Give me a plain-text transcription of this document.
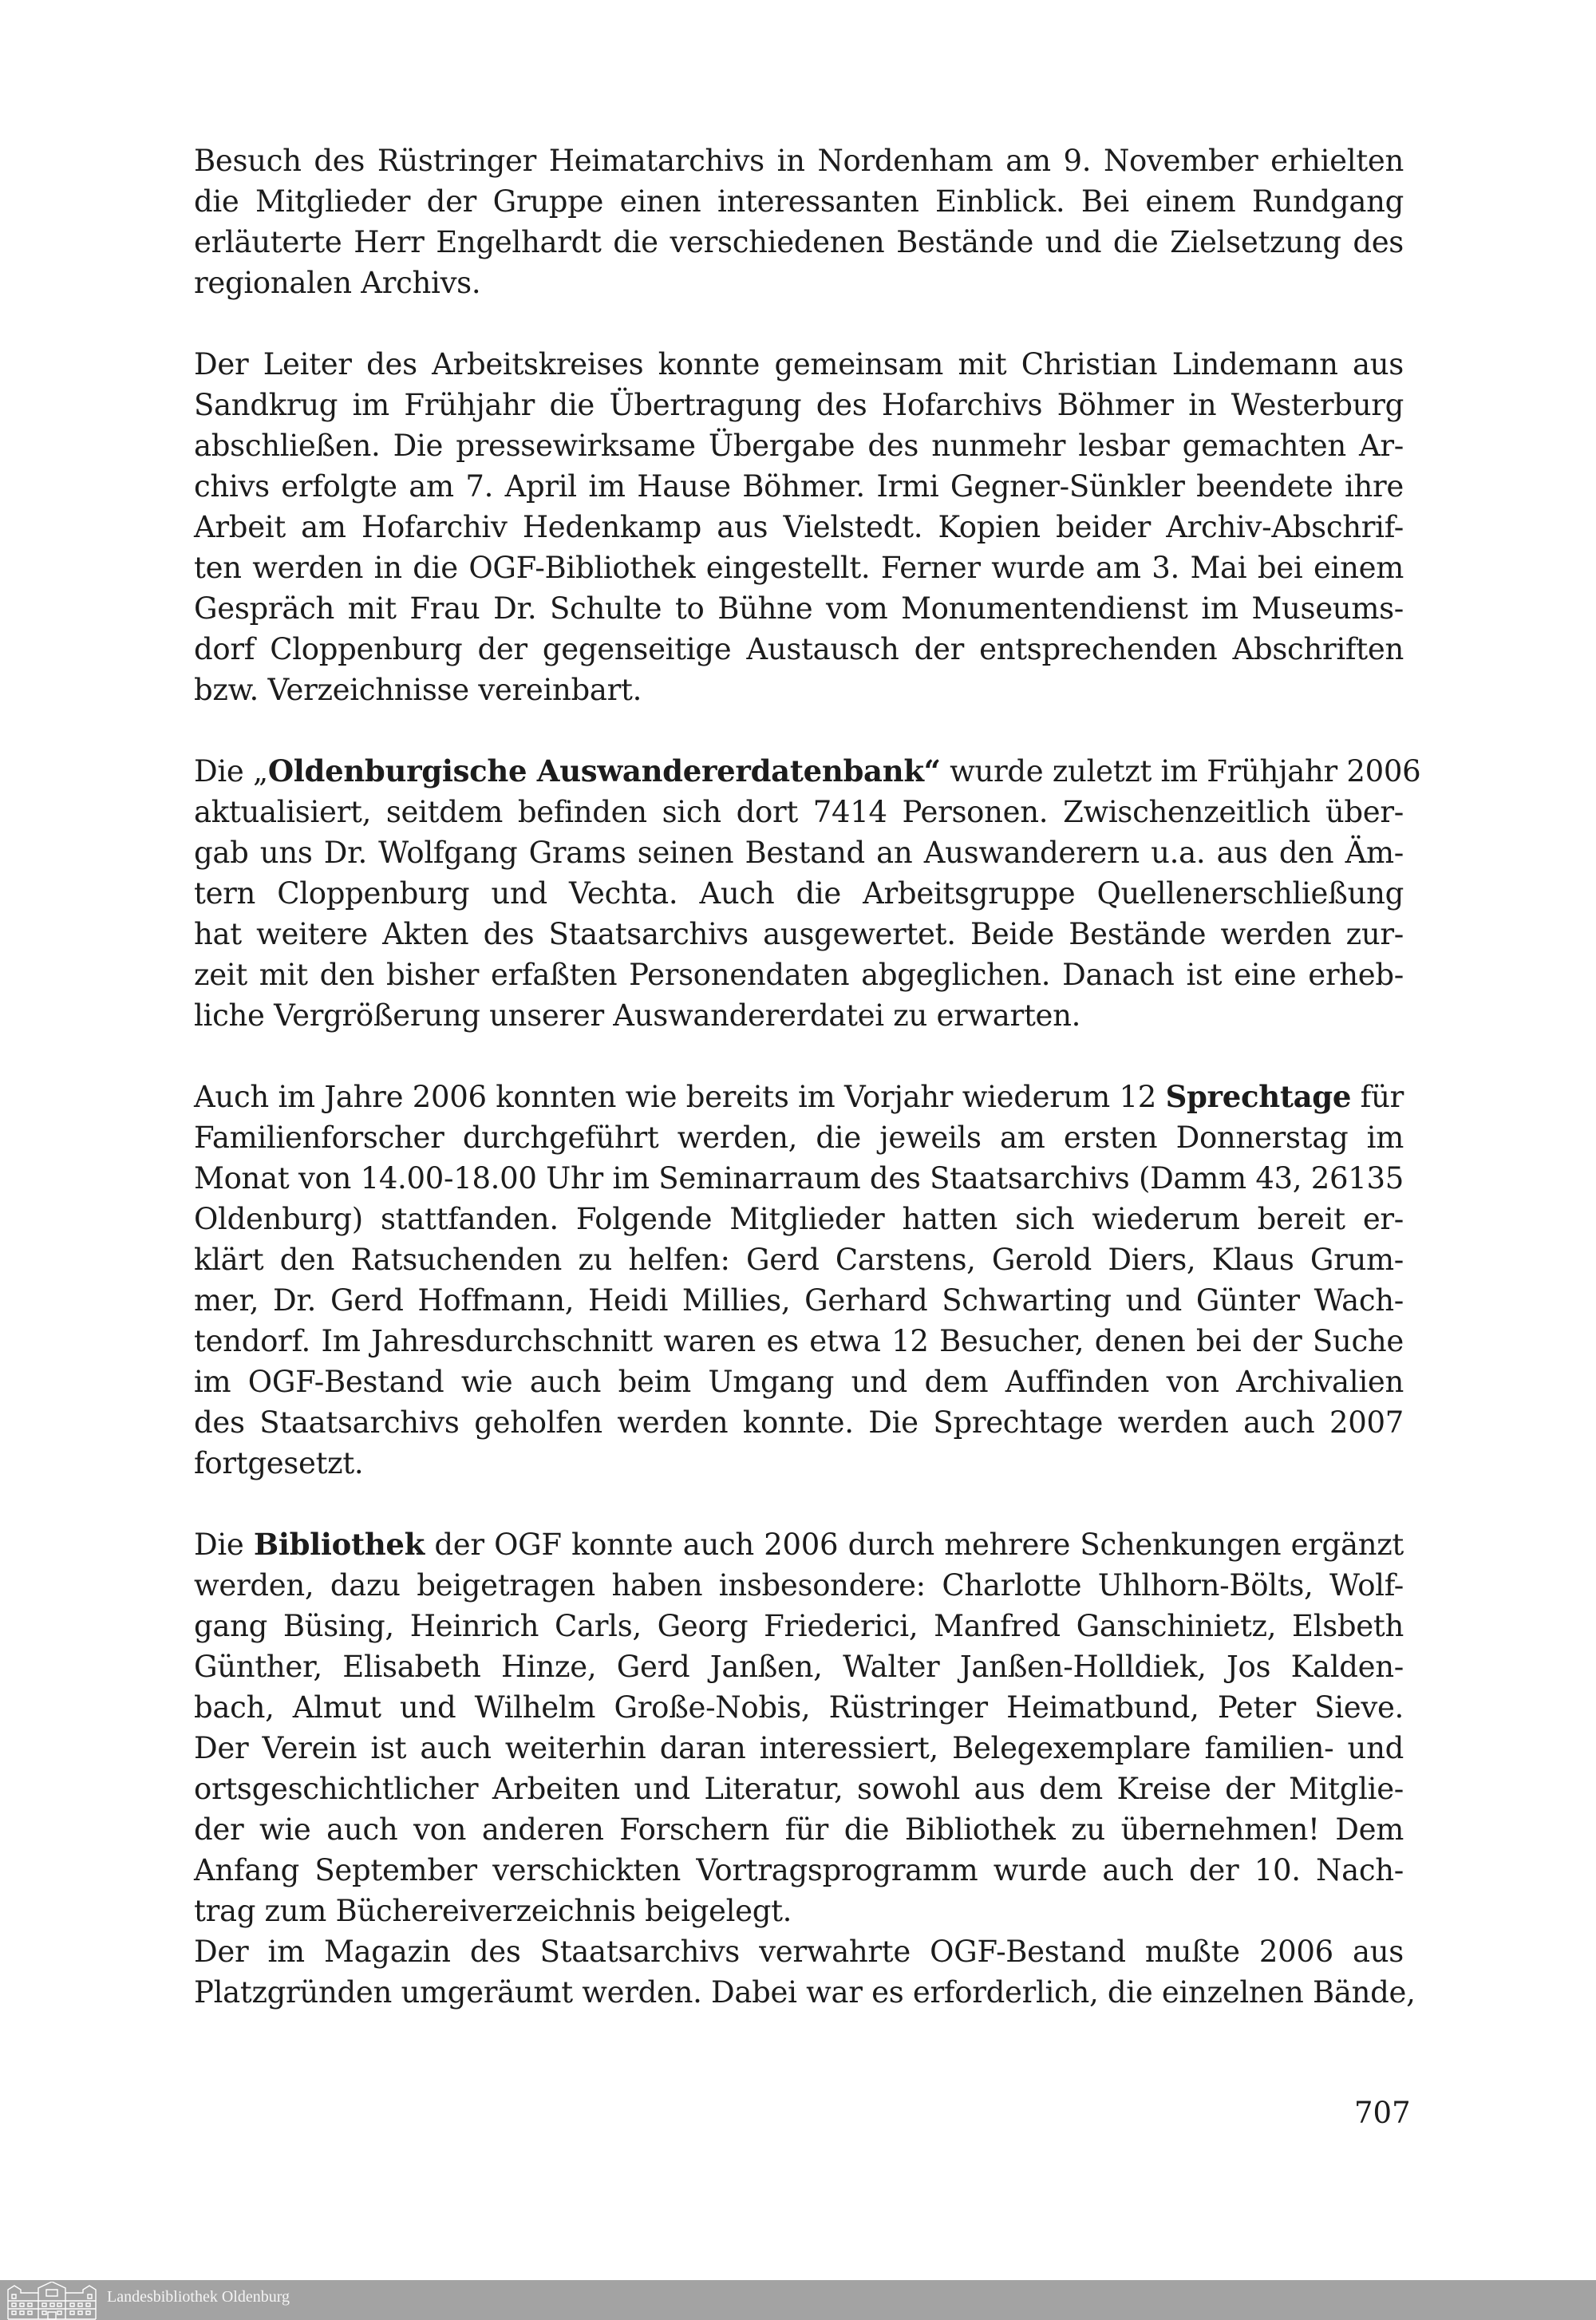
Besuch des Rüstringer Heimatarchivs in Nordenham am 9. November erhielten
die Mitglieder der Gruppe einen interessanten Einblick. Bei einem Rundgang
erläuterte Herr Engelhardt die verschiedenen Bestände und die Zielsetzung des
regionalen Archivs.

Der Leiter des Arbeitskreises konnte gemeinsam mit Christian Lindemann aus
Sandkrug im Frühjahr die Übertragung des Hofarchivs Böhmer in Westerburg
abschließen. Die pressewirksame Übergabe des nunmehr lesbar gemachten Ar-
chivs erfolgte am 7. April im Hause Böhmer. Irmi Gegner-Sünkler beendete ihre
Arbeit am Hofarchiv Hedenkamp aus Vielstedt. Kopien beider Archiv-Abschrif-
ten werden in die OGF-Bibliothek eingestellt. Ferner wurde am 3. Mai bei einem
Gespräch mit Frau Dr. Schulte to Bühne vom Monumentendienst im Museums-
dorf Cloppenburg der gegenseitige Austausch der entsprechenden Abschriften
bzw. Verzeichnisse vereinbart.

Die „Oldenburgische Auswandererdatenbank“ wurde zuletzt im Frühjahr 2006
aktualisiert, seitdem befinden sich dort 7414 Personen. Zwischenzeitlich über-
gab uns Dr. Wolfgang Grams seinen Bestand an Auswanderern u.a. aus den Äm-
tern Cloppenburg und Vechta. Auch die Arbeitsgruppe Quellenerschließung
hat weitere Akten des Staatsarchivs ausgewertet. Beide Bestände werden zur-
zeit mit den bisher erfaßten Personendaten abgeglichen. Danach ist eine erheb-
liche Vergrößerung unserer Auswandererdatei zu erwarten.

Auch im Jahre 2006 konnten wie bereits im Vorjahr wiederum 12 Sprechtage für
Familienforscher durchgeführt werden, die jeweils am ersten Donnerstag im
Monat von 14.00-18.00 Uhr im Seminarraum des Staatsarchivs (Damm 43, 26135
Oldenburg) stattfanden. Folgende Mitglieder hatten sich wiederum bereit er-
klärt den Ratsuchenden zu helfen: Gerd Carstens, Gerold Diers, Klaus Grum-
mer, Dr. Gerd Hoffmann, Heidi Millies, Gerhard Schwarting und Günter Wach-
tendorf. Im Jahresdurchschnitt waren es etwa 12 Besucher, denen bei der Suche
im OGF-Bestand wie auch beim Umgang und dem Auffinden von Archivalien
des Staatsarchivs geholfen werden konnte. Die Sprechtage werden auch 2007
fortgesetzt.

Die Bibliothek der OGF konnte auch 2006 durch mehrere Schenkungen ergänzt
werden, dazu beigetragen haben insbesondere: Charlotte Uhlhorn-Bölts, Wolf-
gang Büsing, Heinrich Carls, Georg Friederici, Manfred Ganschinietz, Elsbeth
Günther, Elisabeth Hinze, Gerd Janßen, Walter Janßen-Holldiek, Jos Kalden-
bach, Almut und Wilhelm Große-Nobis, Rüstringer Heimatbund, Peter Sieve.
Der Verein ist auch weiterhin daran interessiert, Belegexemplare familien- und
ortsgeschichtlicher Arbeiten und Literatur, sowohl aus dem Kreise der Mitglie-
der wie auch von anderen Forschern für die Bibliothek zu übernehmen! Dem
Anfang September verschickten Vortragsprogramm wurde auch der 10. Nach-
trag zum Büchereiverzeichnis beigelegt.

Der im Magazin des Staatsarchivs verwahrte OGF-Bestand mußte 2006 aus
Platzgründen umgeräumt werden. Dabei war es erforderlich, die einzelnen Bände,

707
Landesbibliothek Oldenburg
